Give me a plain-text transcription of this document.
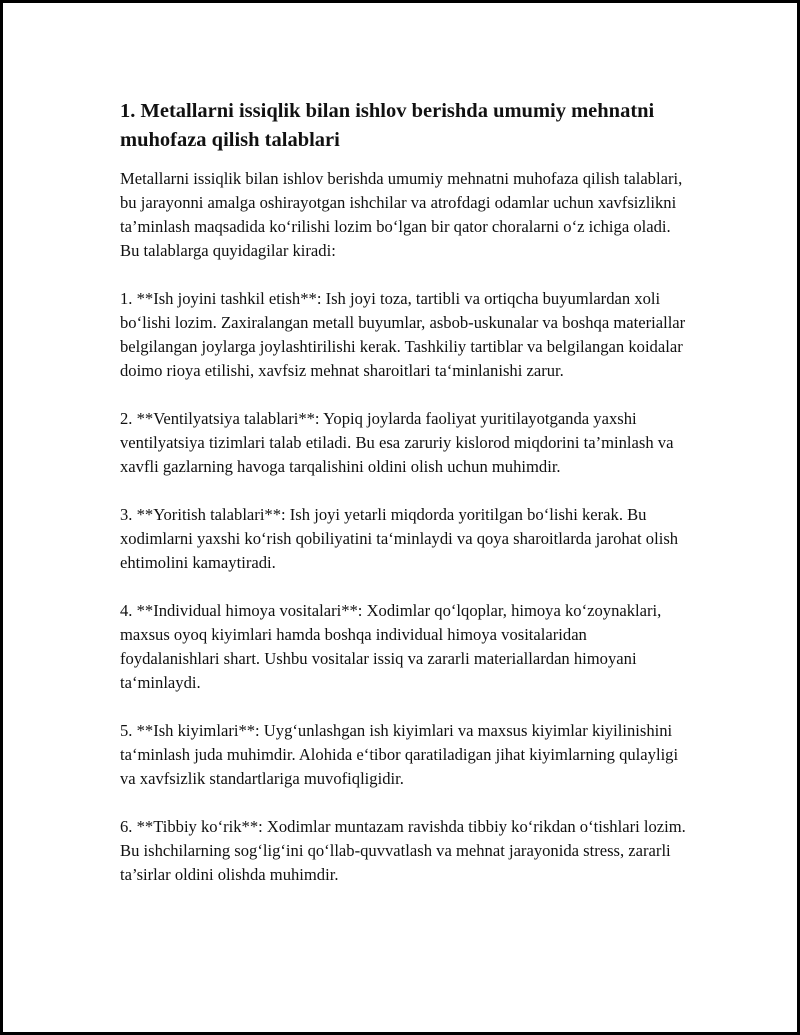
1. Metallarni issiqlik bilan ishlov berishda umumiy mehnatni muhofaza qilish talablari

Metallarni issiqlik bilan ishlov berishda umumiy mehnatni muhofaza qilish talablari, bu jarayonni amalga oshirayotgan ishchilar va atrofdagi odamlar uchun xavfsizlikni ta’minlash maqsadida ko‘rilishi lozim bo‘lgan bir qator choralarni o‘z ichiga oladi. Bu talablarga quyidagilar kiradi:

1. **Ish joyini tashkil etish**: Ish joyi toza, tartibli va ortiqcha buyumlardan xoli bo‘lishi lozim. Zaxiralangan metall buyumlar, asbob-uskunalar va boshqa materiallar belgilangan joylarga joylashtirilishi kerak. Tashkiliy tartiblar va belgilangan koidalar doimo rioya etilishi, xavfsiz mehnat sharoitlari ta‘minlanishi zarur.

2. **Ventilyatsiya talablari**: Yopiq joylarda faoliyat yuritilayotganda yaxshi ventilyatsiya tizimlari talab etiladi. Bu esa zaruriy kislorod miqdorini ta’minlash va xavfli gazlarning havoga tarqalishini oldini olish uchun muhimdir.

3. **Yoritish talablari**: Ish joyi yetarli miqdorda yoritilgan bo‘lishi kerak. Bu xodimlarni yaxshi ko‘rish qobiliyatini ta‘minlaydi va qoya sharoitlarda jarohat olish ehtimolini kamaytiradi.

4. **Individual himoya vositalari**: Xodimlar qo‘lqoplar, himoya ko‘zoynaklari, maxsus oyoq kiyimlari hamda boshqa individual himoya vositalaridan foydalanishlari shart. Ushbu vositalar issiq va zararli materiallardan himoyani ta‘minlaydi.

5. **Ish kiyimlari**: Uyg‘unlashgan ish kiyimlari va maxsus kiyimlar kiyilinishini ta‘minlash juda muhimdir. Alohida e‘tibor qaratiladigan jihat kiyimlarning qulayligi va xavfsizlik standartlariga muvofiqligidir.

6. **Tibbiy ko‘rik**: Xodimlar muntazam ravishda tibbiy ko‘rikdan o‘tishlari lozim. Bu ishchilarning sog‘lig‘ini qo‘llab-quvvatlash va mehnat jarayonida stress, zararli ta’sirlar oldini olishda muhimdir.
